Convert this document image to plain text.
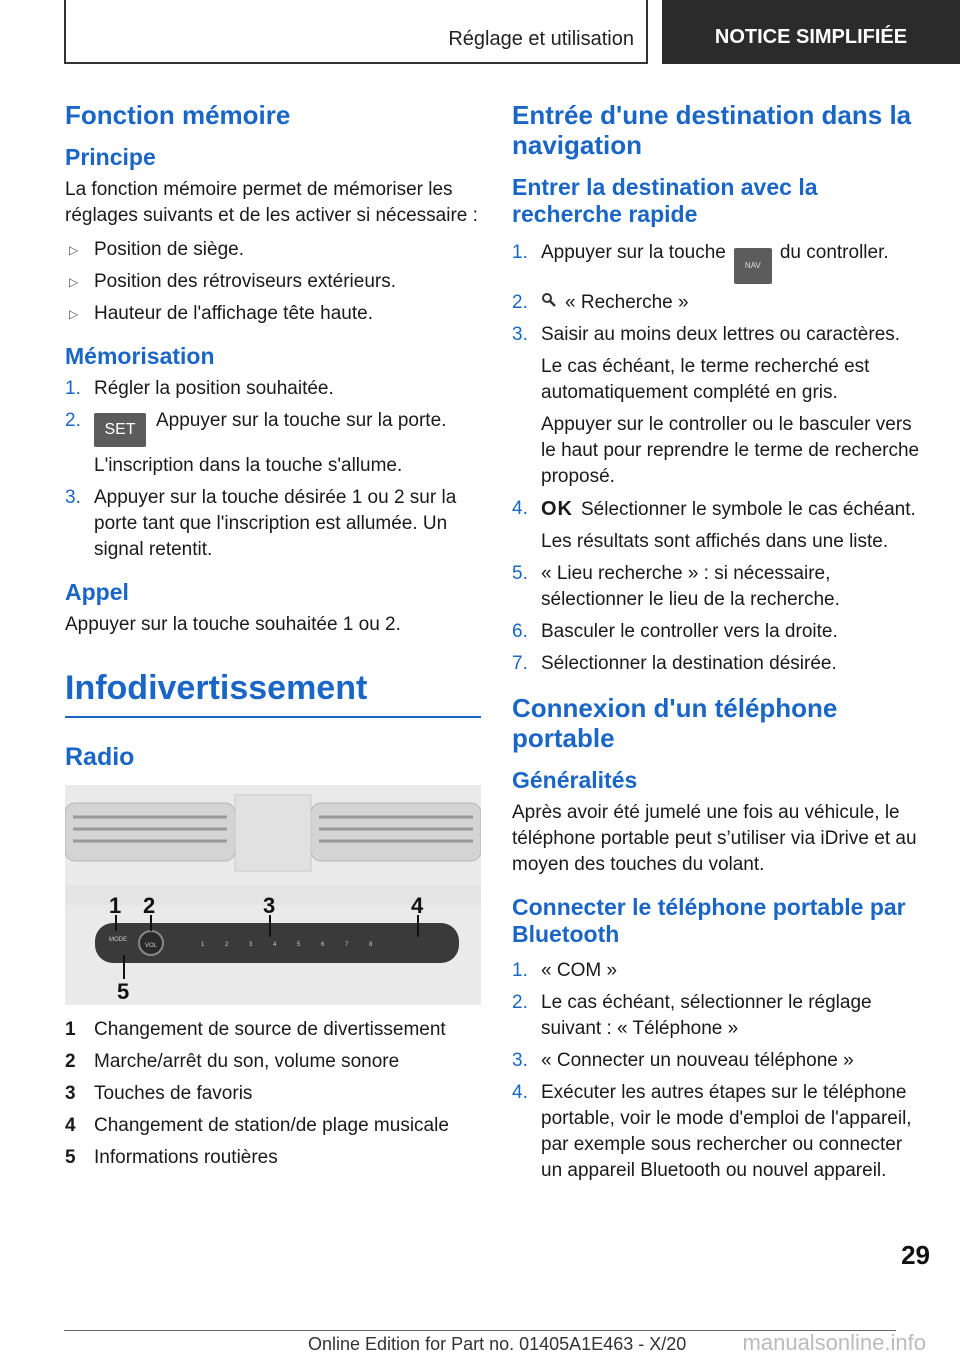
Réglage et utilisation	NOTICE SIMPLIFIÉE
Fonction mémoire
Principe
La fonction mémoire permet de mémoriser les réglages suivants et de les activer si nécessaire :
▷ Position de siège.
▷ Position des rétroviseurs extérieurs.
▷ Hauteur de l'affichage tête haute.
Mémorisation
1. Régler la position souhaitée.
2. SET Appuyer sur la touche sur la porte.
L'inscription dans la touche s'allume.
3. Appuyer sur la touche désirée 1 ou 2 sur la porte tant que l'inscription est allumée. Un signal retentit.
Appel
Appuyer sur la touche souhaitée 1 ou 2.
Infodivertissement
Radio
MODE
VOL	1	2	3	4	5	6	7	8
1 2	3	4
5
1 Changement de source de divertissement
2 Marche/arrêt du son, volume sonore
3 Touches de favoris
4 Changement de station/de plage musicale
5 Informations routières
Entrée d'une destination dans la navigation
Entrer la destination avec la recherche rapide
1. Appuyer sur la toucheNAVdu controller.
2. « Recherche »
3. Saisir au moins deux lettres ou caractères.
Le cas échéant, le terme recherché est automatiquement complété en gris.
Appuyer sur le controller ou le basculer vers le haut pour reprendre le terme de recherche proposé.
4. OK Sélectionner le symbole le cas échéant.
Les résultats sont affichés dans une liste.
5. « Lieu recherche » : si nécessaire, sélectionner le lieu de la recherche.
6. Basculer le controller vers la droite.
7. Sélectionner la destination désirée.
Connexion d'un téléphone portable
Généralités
Après avoir été jumelé une fois au véhicule, le téléphone portable peut s’utiliser via iDrive et au moyen des touches du volant.
Connecter le téléphone portable par Bluetooth
1. « COM »
2. Le cas échéant, sélectionner le réglage suivant : « Téléphone »
3. « Connecter un nouveau téléphone »
4. Exécuter les autres étapes sur le téléphone portable, voir le mode d'emploi de l'appareil, par exemple sous rechercher ou connecter un appareil Bluetooth ou nouvel appareil.
29
Online Edition for Part no. 01405A1E463 - X/20	manualsonline.info
